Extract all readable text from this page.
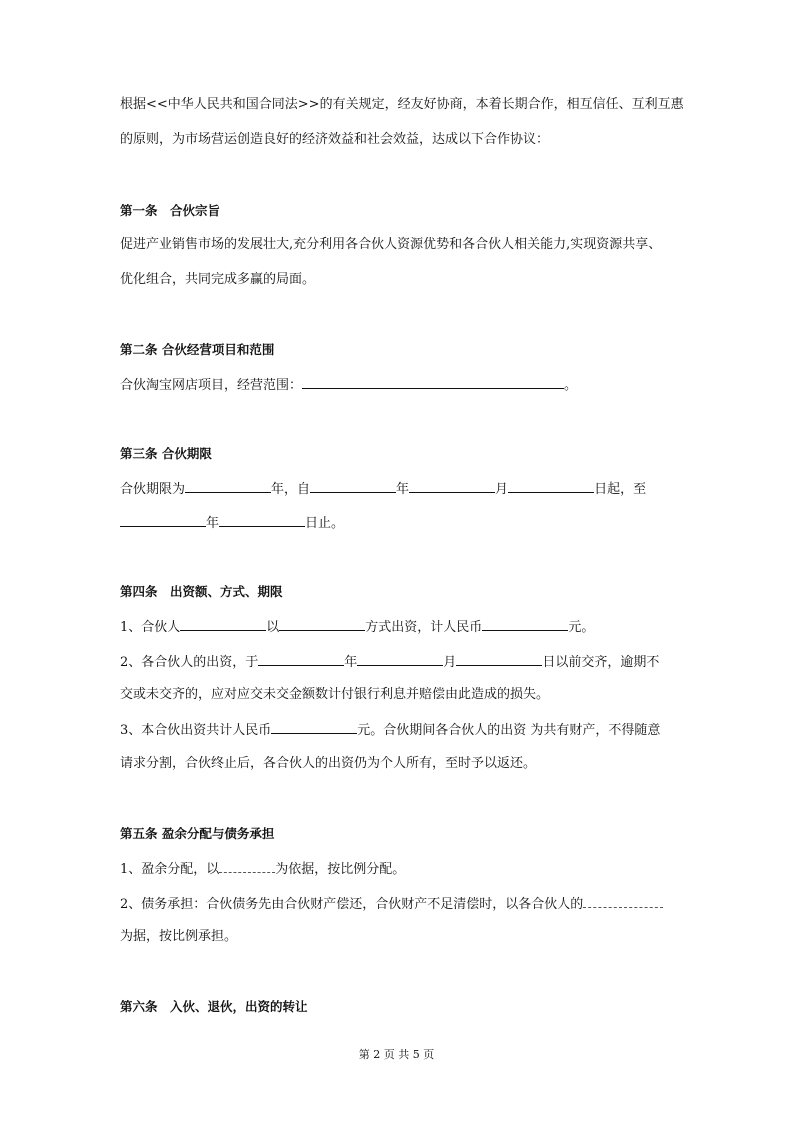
根据<<中华人民共和国合同法>>的有关规定，经友好协商，本着长期合作，相互信任、互利互惠
的原则，为市场营运创造良好的经济效益和社会效益，达成以下合作协议：
第一条　合伙宗旨
促进产业销售市场的发展壮大,充分利用各合伙人资源优势和各合伙人相关能力,实现资源共享、
优化组合，共同完成多赢的局面。
第二条 合伙经营项目和范围
合伙淘宝网店项目，经营范围：	。
第三条 合伙期限
合伙期限为	年，自	年	月	日起，至
年	日止。
第四条　出资额、方式、期限
1、合伙人	以	方式出资，计人民币	元。
2、各合伙人的出资，于	年	月	日以前交齐，逾期不
交或未交齐的，应对应交未交金额数计付银行利息并赔偿由此造成的损失。
3、本合伙出资共计人民币	元。合伙期间各合伙人的出资 为共有财产，不得随意
请求分割，合伙终止后，各合伙人的出资仍为个人所有，至时予以返还。
第五条 盈余分配与债务承担
1、盈余分配，以	为依据，按比例分配。
2、债务承担：合伙债务先由合伙财产偿还，合伙财产不足清偿时，以各合伙人的
为据，按比例承担。
第六条　入伙、退伙，出资的转让
第 2 页 共 5 页
